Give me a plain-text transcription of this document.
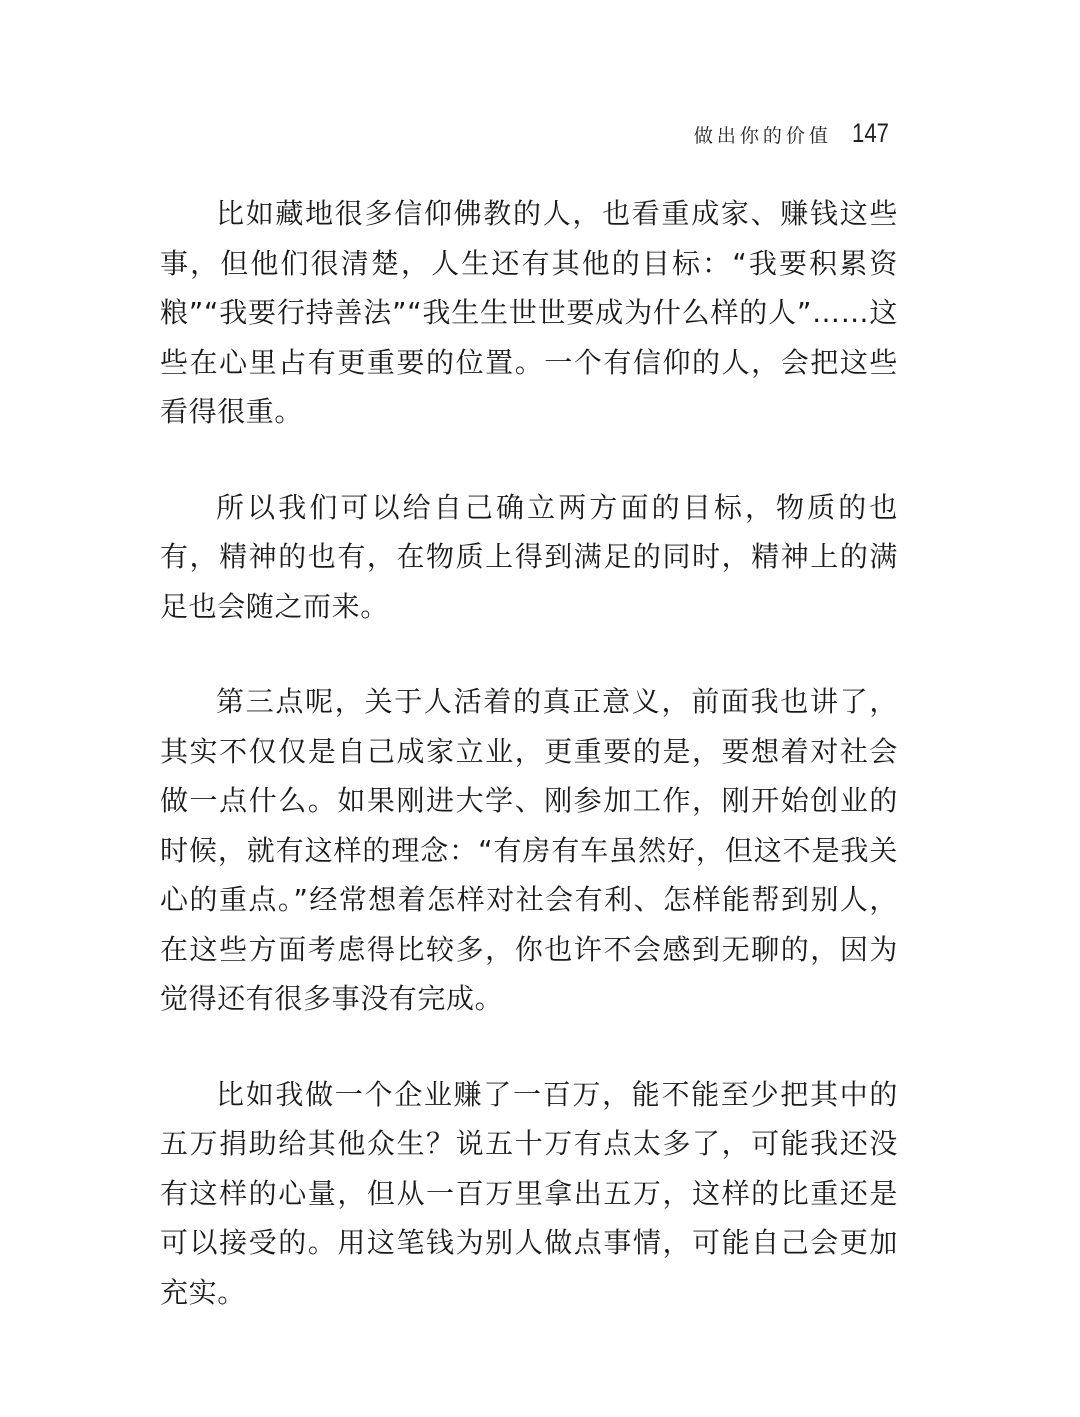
做出你的价值 147

比如藏地很多信仰佛教的人，也看重成家、赚钱这些事，但他们很清楚，人生还有其他的目标：“我要积累资粮”“我要行持善法”“我生生世世要成为什么样的人”……这些在心里占有更重要的位置。一个有信仰的人，会把这些看得很重。

所以我们可以给自己确立两方面的目标，物质的也有，精神的也有，在物质上得到满足的同时，精神上的满足也会随之而来。

第三点呢，关于人活着的真正意义，前面我也讲了，其实不仅仅是自己成家立业，更重要的是，要想着对社会做一点什么。如果刚进大学、刚参加工作，刚开始创业的时候，就有这样的理念：“有房有车虽然好，但这不是我关心的重点。”经常想着怎样对社会有利、怎样能帮到别人，在这些方面考虑得比较多，你也许不会感到无聊的，因为觉得还有很多事没有完成。

比如我做一个企业赚了一百万，能不能至少把其中的五万捐助给其他众生？说五十万有点太多了，可能我还没有这样的心量，但从一百万里拿出五万，这样的比重还是可以接受的。用这笔钱为别人做点事情，可能自己会更加充实。
